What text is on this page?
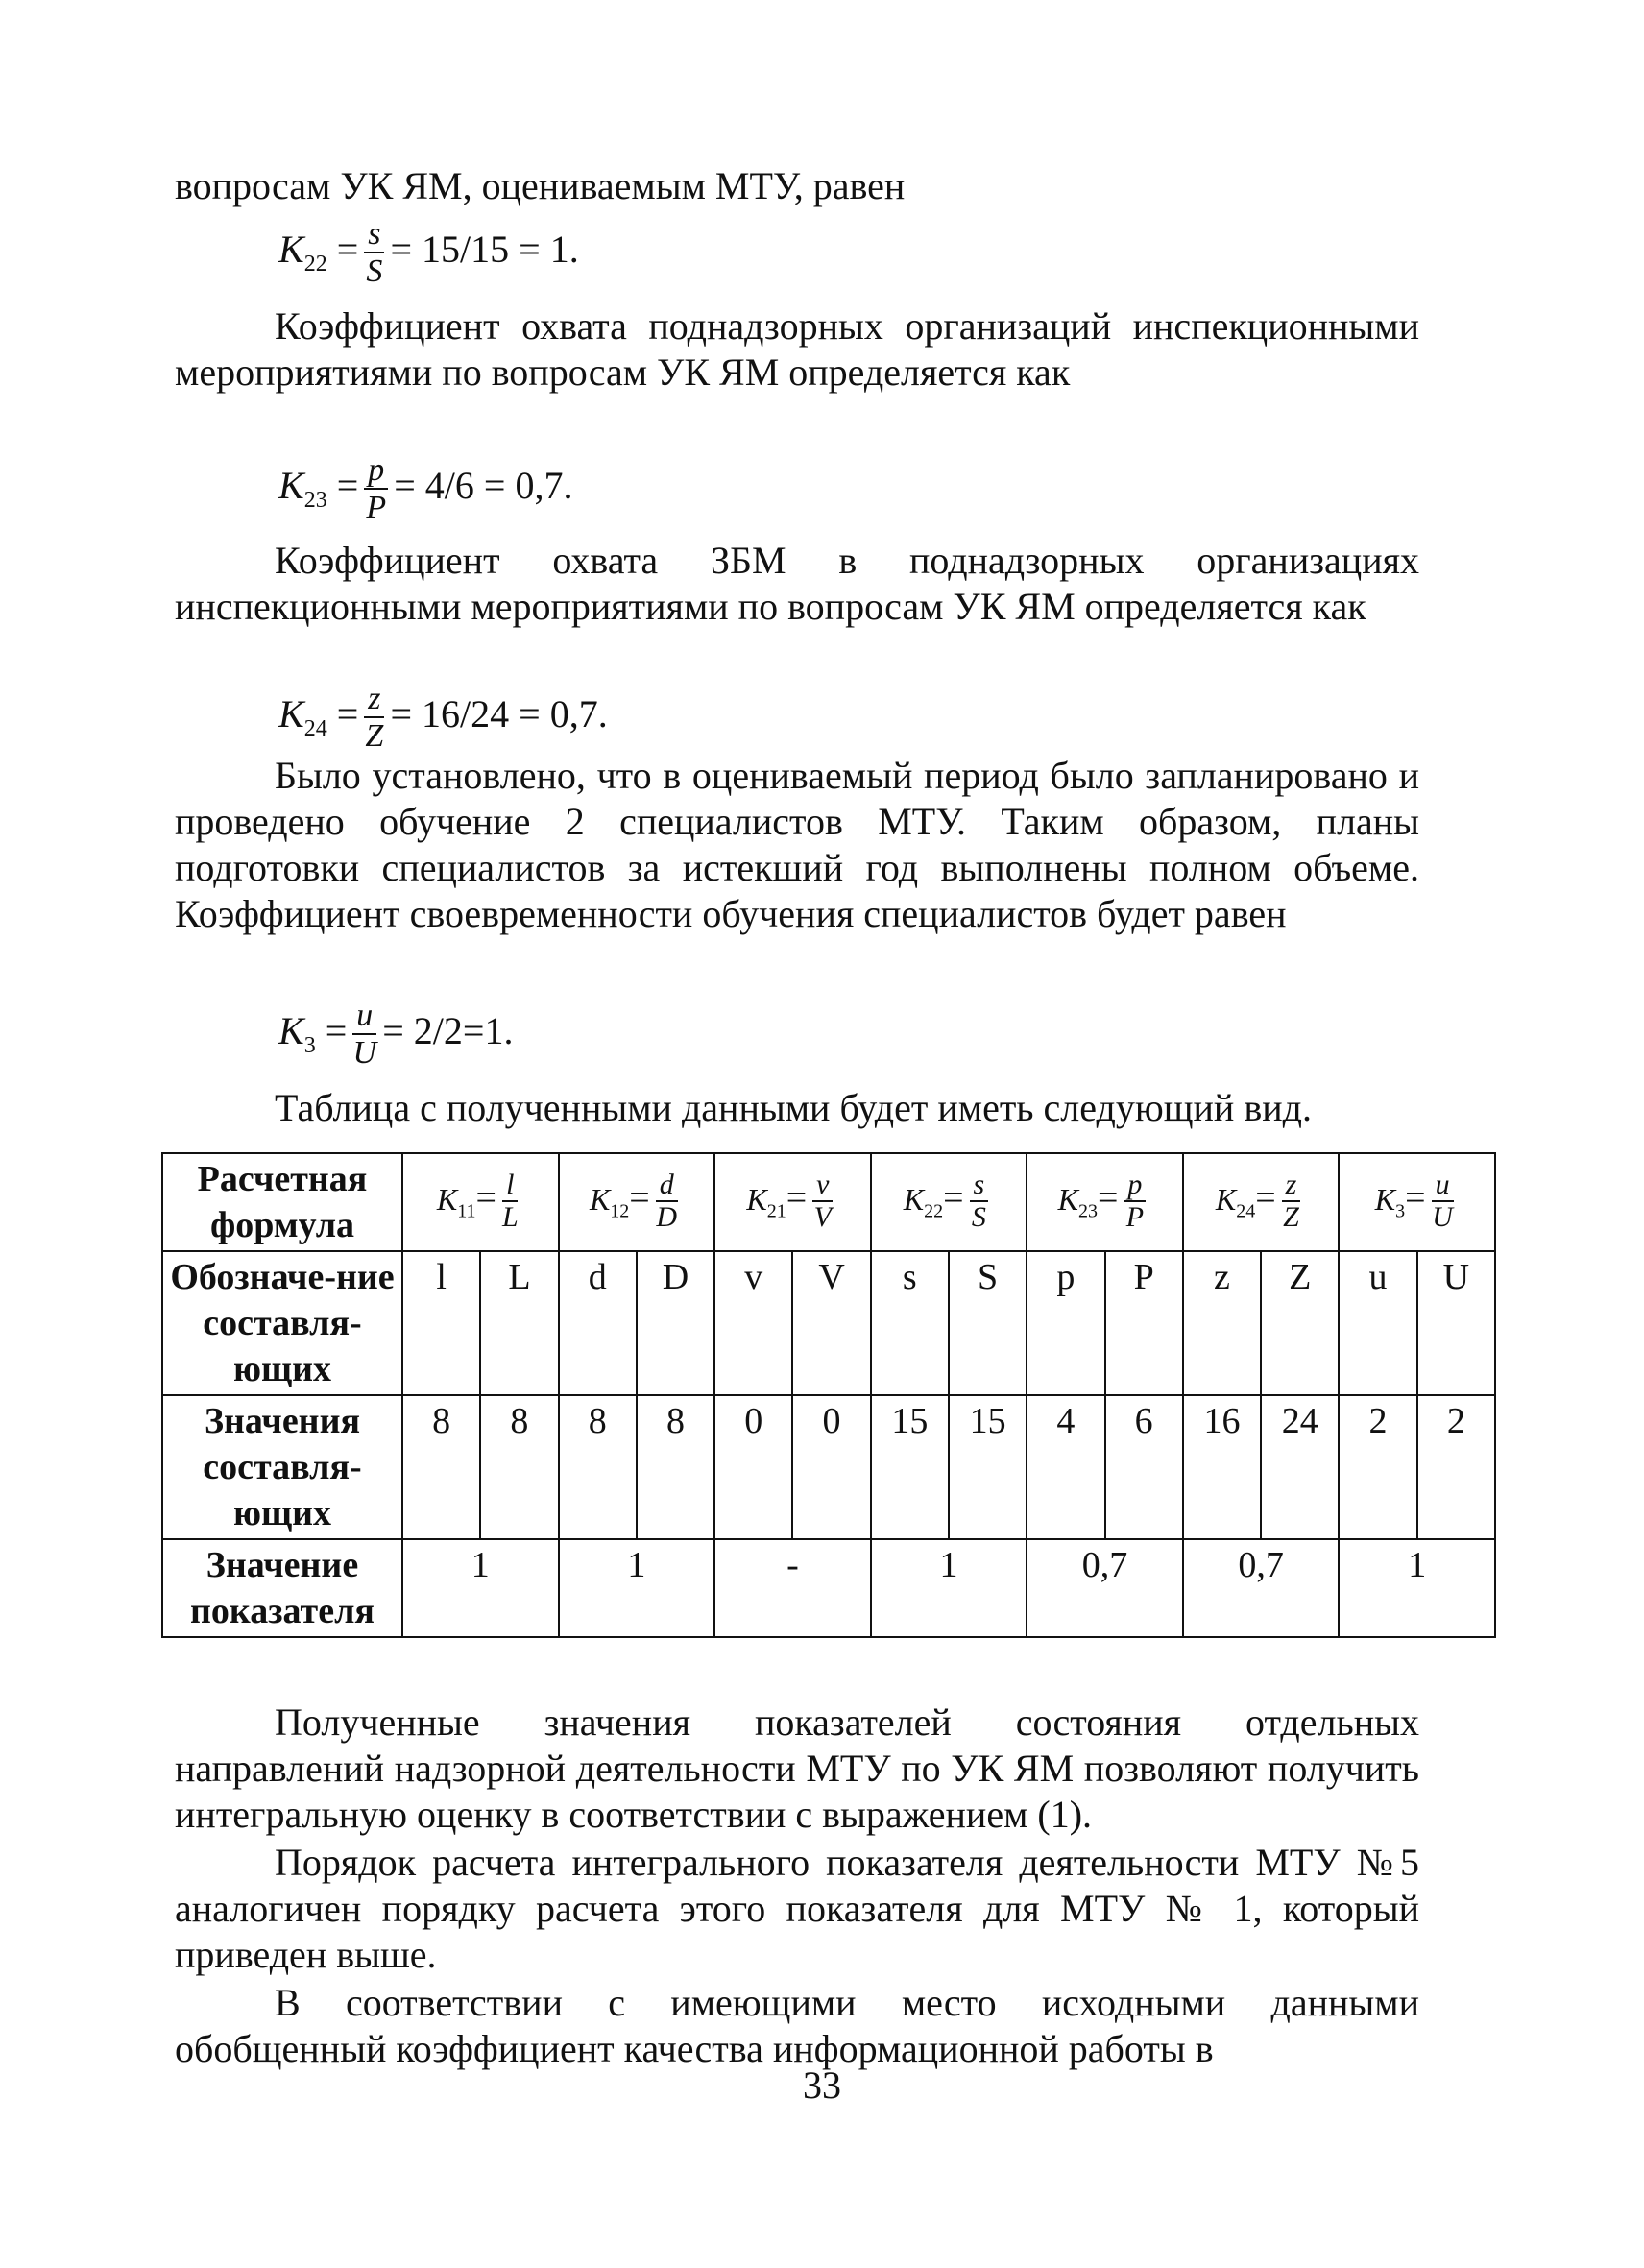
вопросам УК ЯМ, оцениваемым МТУ, равен
$K_{22} = \frac{s}{S} = 15/15 = 1$.

Коэффициент охвата поднадзорных организаций инспекционными мероприятиями по вопросам УК ЯМ определяется как

$K_{23} = \frac{p}{P} = 4/6 = 0,7$.

Коэффициент охвата ЗБМ в поднадзорных организациях инспекционными мероприятиями по вопросам УК ЯМ определяется как

$K_{24} = \frac{z}{Z} = 16/24 = 0,7$.

Было установлено, что в оцениваемый период было запланировано и проведено обучение 2 специалистов МТУ. Таким образом, планы подготовки специалистов за истекший год выполнены полном объеме. Коэффициент своевременности обучения специалистов будет равен

$K_3 = \frac{u}{U} = 2/2=1$.
Таблица с полученными данными будет иметь следующий вид.
Расчетная формула	$K_{11}= \frac{l}{L}$		$K_{12}= \frac{d}{D}$		$K_{21}= \frac{v}{V}$		$K_{22}= \frac{s}{S}$		$K_{23}= \frac{p}{P}$		$K_{24}= \frac{z}{Z}$		$K_3= \frac{u}{U}$

Обозначе-ние составля-ющих	l	L	d	D	v	V	s	S	p	P	z	Z	u	U
Значения составля-ющих	8	8	8	8	0	0	15	15	4	6	16	24	2	2
Значение показателя	1		1		-		1		0,7		0,7		1	

Полученные значения показателей состояния отдельных направлений надзорной деятельности МТУ по УК ЯМ позволяют получить интегральную оценку в соответствии с выражением (1).

Порядок расчета интегрального показателя деятельности МТУ №5 аналогичен порядку расчета этого показателя для МТУ № 1, который приведен выше.

В соответствии с имеющими место исходными данными обобщенный коэффициент качества информационной работы в

33
